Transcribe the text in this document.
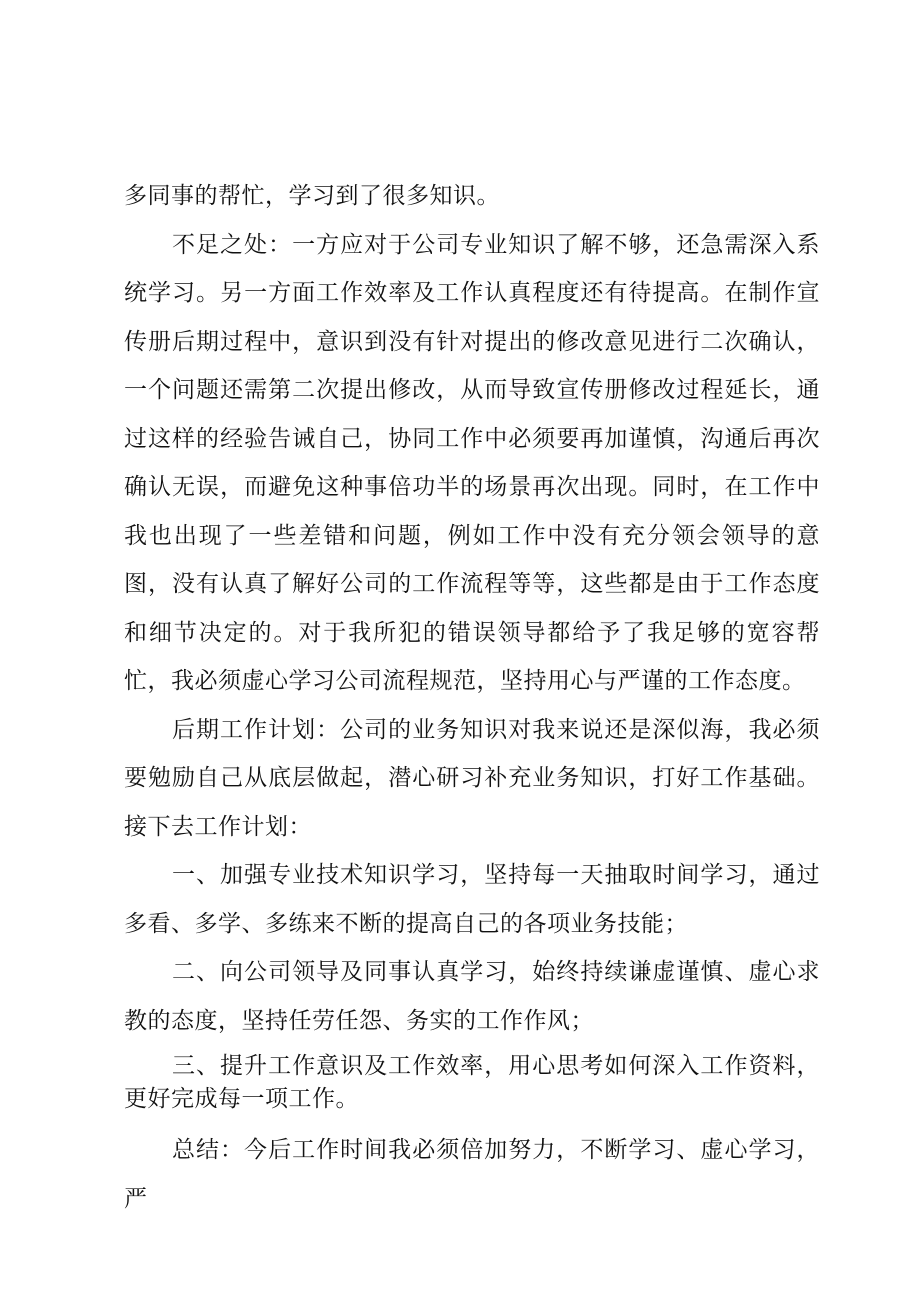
多同事的帮忙，学习到了很多知识。

不足之处：一方应对于公司专业知识了解不够，还急需深入系统学习。另一方面工作效率及工作认真程度还有待提高。在制作宣传册后期过程中，意识到没有针对提出的修改意见进行二次确认，一个问题还需第二次提出修改，从而导致宣传册修改过程延长，通过这样的经验告诫自己，协同工作中必须要再加谨慎，沟通后再次确认无误，而避免这种事倍功半的场景再次出现。同时，在工作中我也出现了一些差错和问题，例如工作中没有充分领会领导的意图，没有认真了解好公司的工作流程等等，这些都是由于工作态度和细节决定的。对于我所犯的错误领导都给予了我足够的宽容帮忙，我必须虚心学习公司流程规范，坚持用心与严谨的工作态度。

后期工作计划：公司的业务知识对我来说还是深似海，我必须要勉励自己从底层做起，潜心研习补充业务知识，打好工作基础。接下去工作计划：

一、加强专业技术知识学习，坚持每一天抽取时间学习，通过多看、多学、多练来不断的提高自己的各项业务技能；

二、向公司领导及同事认真学习，始终持续谦虚谨慎、虚心求教的态度，坚持任劳任怨、务实的工作作风；

三、提升工作意识及工作效率，用心思考如何深入工作资料，更好完成每一项工作。

总结：今后工作时间我必须倍加努力，不断学习、虚心学习，严
